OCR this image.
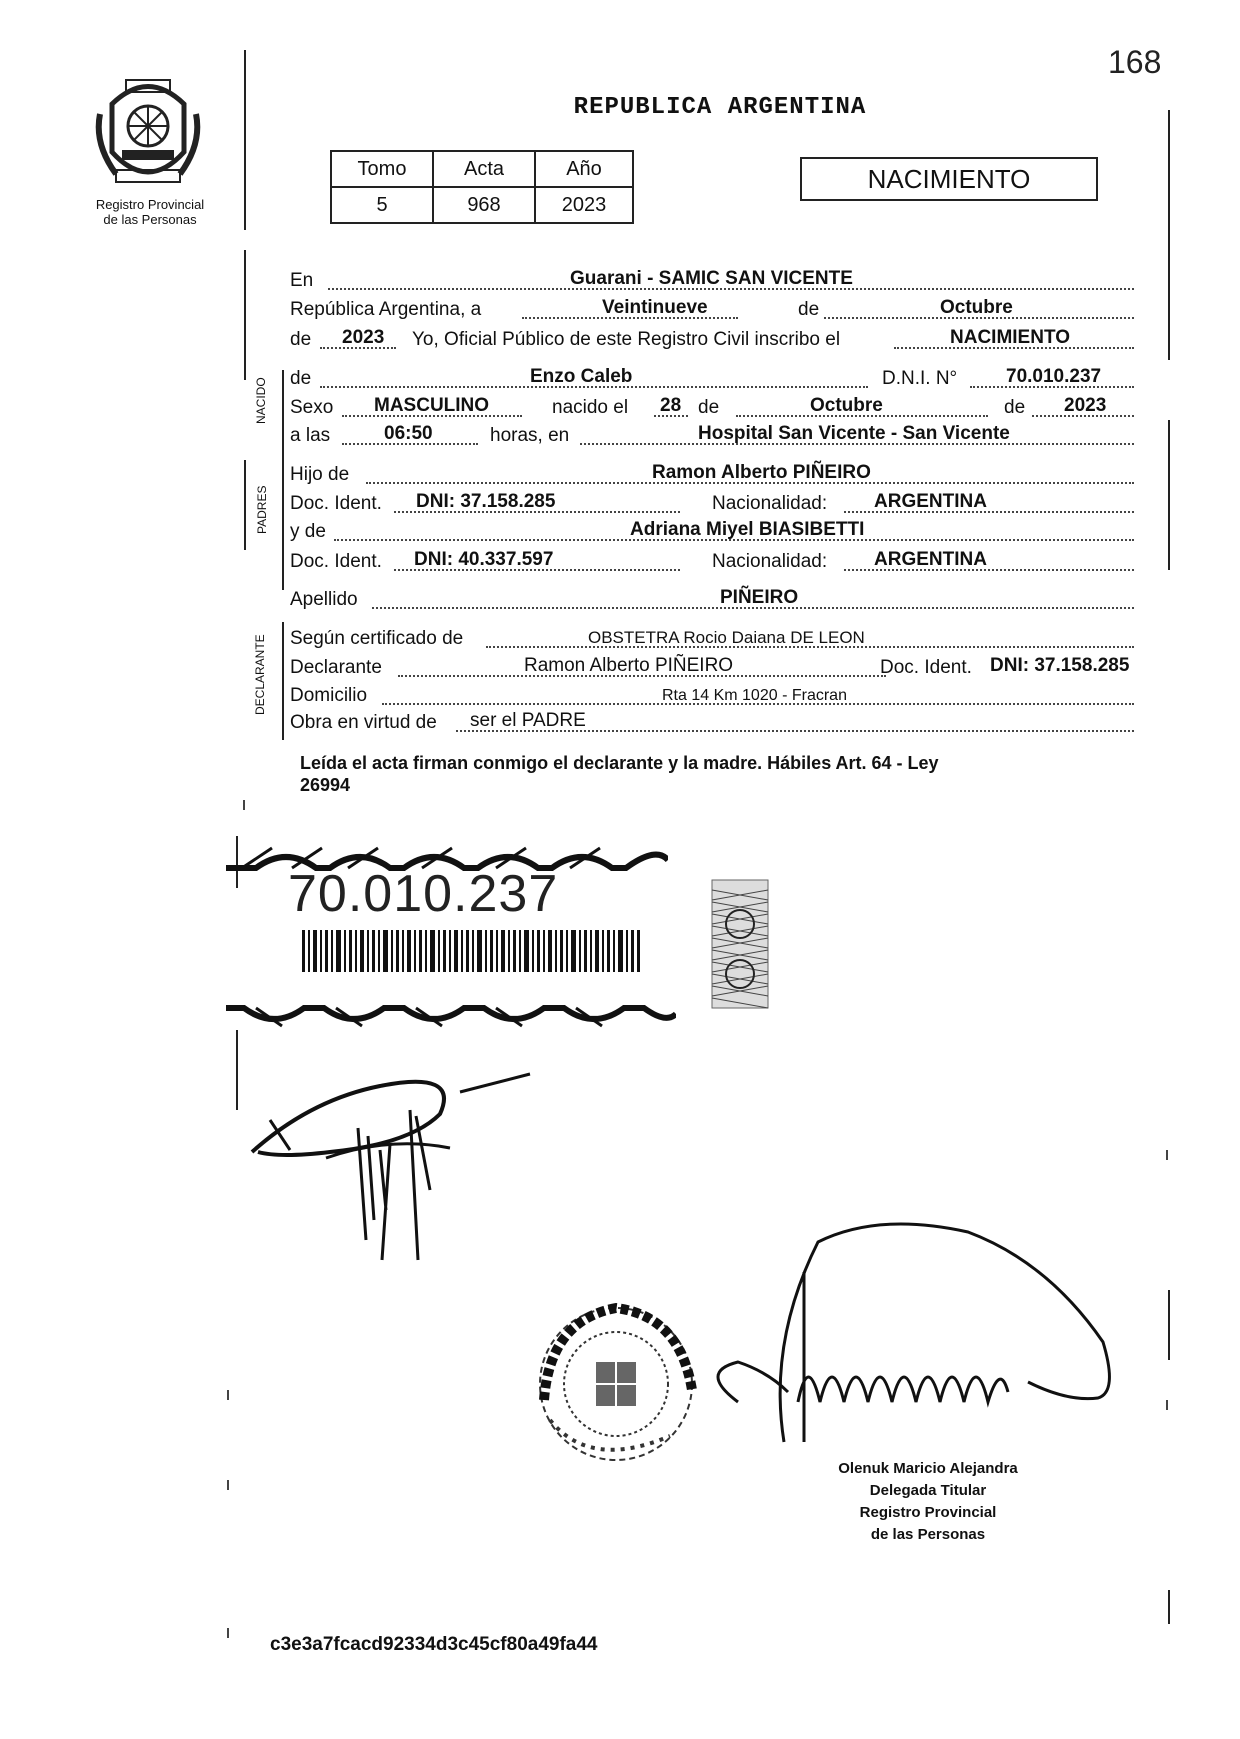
168
REPUBLICA ARGENTINA
Registro Provincial
de las Personas
Tomo	Acta	Año
5	968	2023
NACIMIENTO
NACIDO
PADRES
DECLARANTE
En	Guarani - SAMIC SAN VICENTE
República Argentina, a	Veintinueve	de	Octubre
de 2023 Yo, Oficial Público de este Registro Civil inscribo el	NACIMIENTO
de	Enzo Caleb	D.N.I. N°	70.010.237
Sexo MASCULINO	nacido el 28 de	Octubre	de 2023
a las	06:50	horas, en	Hospital San Vicente - San Vicente
Hijo de	Ramon Alberto PIÑEIRO
Doc. Ident. DNI: 37.158.285	Nacionalidad: ARGENTINA
y de	Adriana Miyel BIASIBETTI
Doc. Ident. DNI: 40.337.597	Nacionalidad: ARGENTINA
Apellido	PIÑEIRO
Según certificado de	OBSTETRA Rocio Daiana DE LEON
Declarante	Ramon Alberto PIÑEIRO	Doc. Ident. DNI: 37.158.285
Domicilio	Rta 14 Km 1020 - Fracran
Obra en virtud de ser el PADRE
Leída el acta firman conmigo el declarante y la madre. Hábiles Art. 64 - Ley
26994
70.010.237
Olenuk Maricio Alejandra
Delegada Titular
Registro Provincial
de las Personas
c3e3a7fcacd92334d3c45cf80a49fa44
